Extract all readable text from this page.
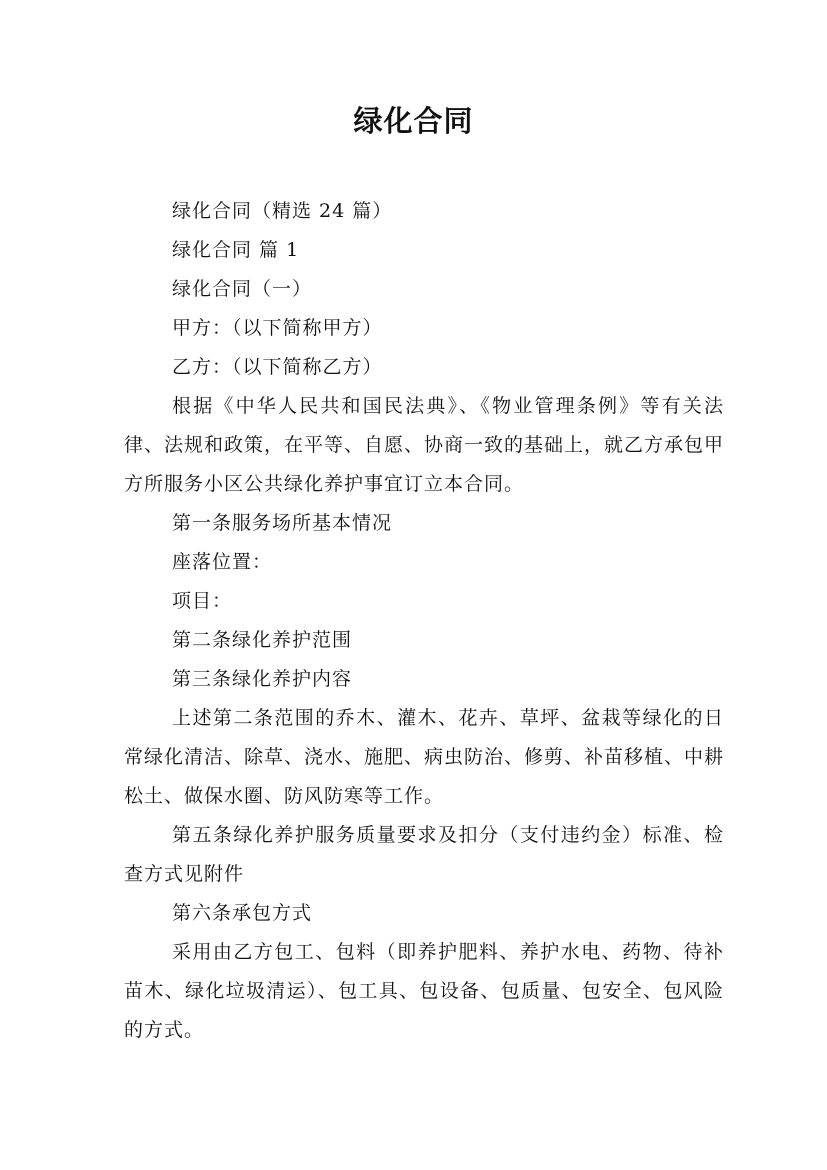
绿化合同

绿化合同（精选 24 篇）

绿化合同 篇 1

绿化合同（一）

甲方：（以下简称甲方）

乙方：（以下简称乙方）

根据《中华人民共和国民法典》、《物业管理条例》等有关法律、法规和政策，在平等、自愿、协商一致的基础上，就乙方承包甲方所服务小区公共绿化养护事宜订立本合同。

第一条服务场所基本情况

座落位置：

项目：

第二条绿化养护范围

第三条绿化养护内容

上述第二条范围的乔木、灌木、花卉、草坪、盆栽等绿化的日常绿化清洁、除草、浇水、施肥、病虫防治、修剪、补苗移植、中耕松土、做保水圈、防风防寒等工作。

第五条绿化养护服务质量要求及扣分（支付违约金）标准、检查方式见附件

第六条承包方式

采用由乙方包工、包料（即养护肥料、养护水电、药物、待补苗木、绿化垃圾清运）、包工具、包设备、包质量、包安全、包风险的方式。
